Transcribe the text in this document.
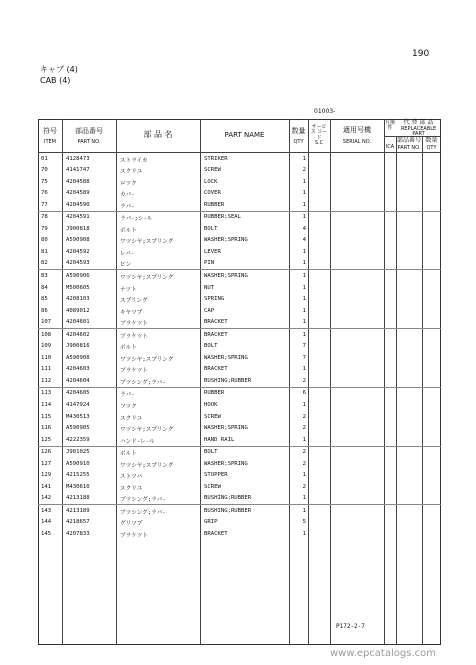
190
キャブ (4)
CAB (4)
01003-
符号
ITEM
部品番号
PART NO.
部 品 名	PART NAME	数量
QTY
サービス コード
S.C
適用号機
SERIAL NO.
互換性
ICA
代 替 部 品
REPLACEABLE PART
部品番号
PART NO.
数量
QTY
01	4128473	ストライカ	STRIKER	1
70	4141747	スクリユ	SCREW	2
75	4204588	ロツク	LOCK	1
76	4204589	カバ-	COVER	1
77	4204590	ラバ-	RUBBER	1
78	4204591	ラバ-;シ-ル	RUBBER;SEAL	1
79	J900818	ボルト	BOLT	4
80	A590908	ワツシヤ;スプリング	WASHER;SPRING	4
81	4204592	レバ-	LEVER	1
82	4204593	ピン	PIN	1
83	A590906	ワツシヤ;スプリング	WASHER;SPRING	1
84	M500605	ナツト	NUT	1
85	4208103	スプリング	SPRING	1
86	4089012	キヤツプ	CAP	1
107	4204601	ブラケツト	BRACKET	1
108	4204602	ブラケツト	BRACKET	1
109	J900816	ボルト	BOLT	7
110	A590908	ワツシヤ;スプリング	WASHER;SPRING	7
111	4204603	ブラケツト	BRACKET	1
112	4204604	ブツシング;ラバ-	BUSHING;RUBBER	2
113	4204605	ラバ-	RUBBER	6
114	4147924	フツク	HOOK	1
115	M430513	スクリユ	SCREW	2
116	A590905	ワツシヤ;スプリング	WASHER;SPRING	2
125	4222359	ハンド-レ-ル	HAND RAIL	1
126	J901025	ボルト	BOLT	2
127	A590910	ワツシヤ;スプリング	WASHER;SPRING	2
129	4215255	ストツパ	STOPPER	1
141	M430610	スクリユ	SCREW	2
142	4213188	ブツシング;ラバ-	BUSHING;RUBBER	1
143	4213189	ブツシング;ラバ-	BUSHING;RUBBER	1
144	4218657	グリツプ	GRIP	5
145	4207833	ブラケツト	BRACKET	1
P172-2-7
www.epcatalogs.com
